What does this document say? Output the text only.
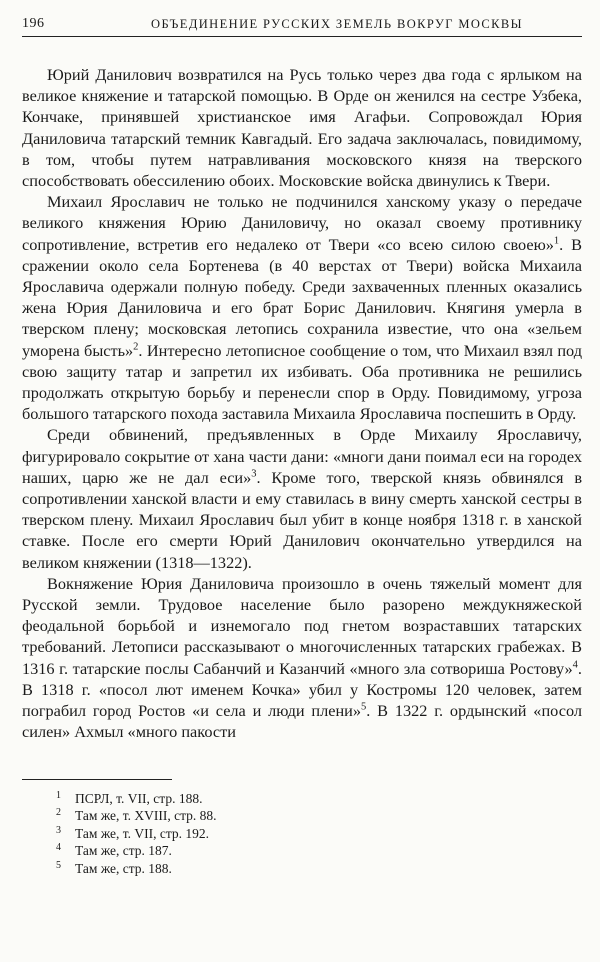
196	ОБЪЕДИНЕНИЕ РУССКИХ ЗЕМЕЛЬ ВОКРУГ МОСКВЫ

Юрий Данилович возвратился на Русь только через два года с ярлыком на великое княжение и татарской помощью. В Орде он женился на сестре Узбека, Кончаке, принявшей христианское имя Агафьи. Сопровождал Юрия Даниловича татарский темник Кавгадый. Его задача заключалась, повидимому, в том, чтобы путем натравливания московского князя на тверского способствовать обессилению обоих. Московские войска двинулись к Твери.

Михаил Ярославич не только не подчинился ханскому указу о передаче великого княжения Юрию Даниловичу, но оказал своему противнику сопротивление, встретив его недалеко от Твери «со всею силою своею»$^1$. В сражении около села Бортенева (в 40 верстах от Твери) войска Михаила Ярославича одержали полную победу. Среди захваченных пленных оказались жена Юрия Даниловича и его брат Борис Данилович. Княгиня умерла в тверском плену; московская летопись сохранила известие, что она «зельем уморена бысть»$^2$. Интересно летописное сообщение о том, что Михаил взял под свою защиту татар и запретил их избивать. Оба противника не решились продолжать открытую борьбу и перенесли спор в Орду. Повидимому, угроза большого татарского похода заставила Михаила Ярославича поспешить в Орду.

Среди обвинений, предъявленных в Орде Михаилу Ярославичу, фигурировало сокрытие от хана части дани: «многи дани поимал еси на городех наших, царю же не дал еси»$^3$. Кроме того, тверской князь обвинялся в сопротивлении ханской власти и ему ставилась в вину смерть ханской сестры в тверском плену. Михаил Ярославич был убит в конце ноября 1318 г. в ханской ставке. После его смерти Юрий Данилович окончательно утвердился на великом княжении (1318—1322).

Вокняжение Юрия Даниловича произошло в очень тяжелый момент для Русской земли. Трудовое население было разорено междукняжеской феодальной борьбой и изнемогало под гнетом возраставших татарских требований. Летописи рассказывают о многочисленных татарских грабежах. В 1316 г. татарские послы Сабанчий и Казанчий «много зла сотвориша Ростову»$^4$. В 1318 г. «посол лют именем Кочка» убил у Костромы 120 человек, затем пограбил город Ростов «и села и люди плени»$^5$. В 1322 г. ордынский «посол силен» Ахмыл «много пакости

1	ПСРЛ, т. VII, стр. 188.
2	Там же, т. XVIII, стр. 88.
3	Там же, т. VII, стр. 192.
4	Там же, стр. 187.
5	Там же, стр. 188.
